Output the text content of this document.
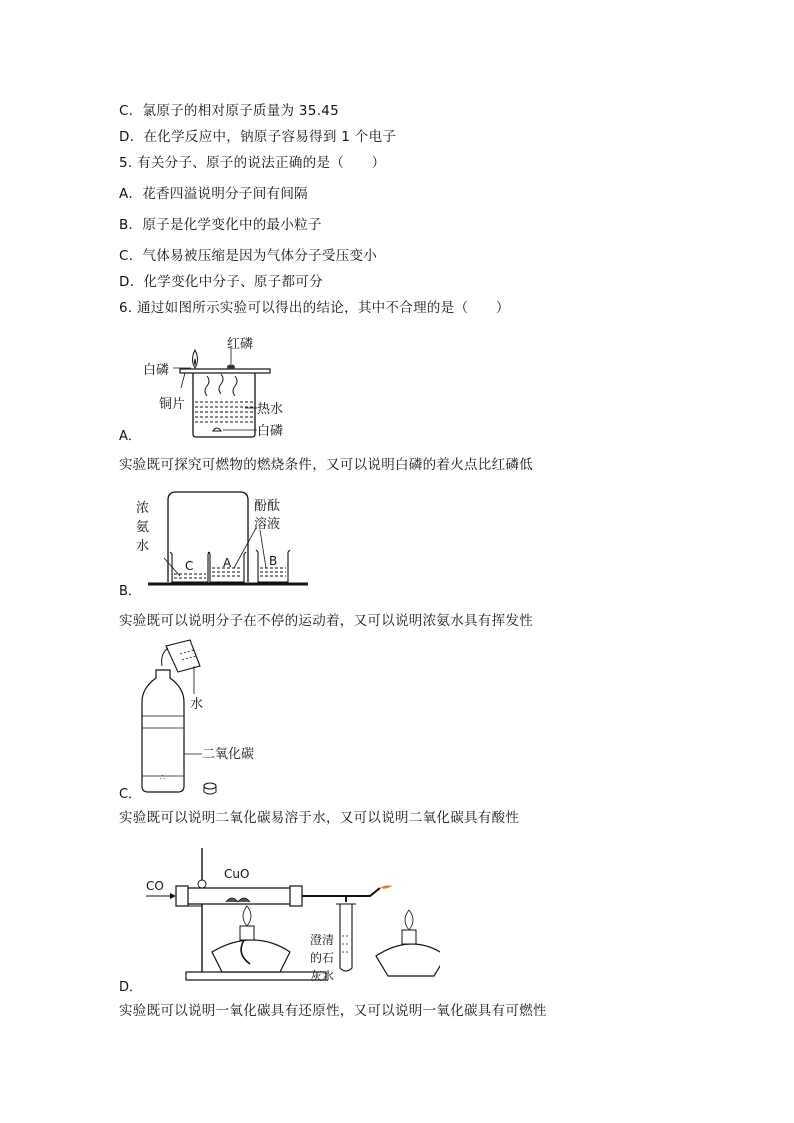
C．氯原子的相对原子质量为 35.45
D．在化学反应中，钠原子容易得到 1 个电子
5. 有关分子、原子的说法正确的是（　　）
A．花香四溢说明分子间有间隔
B．原子是化学变化中的最小粒子
C．气体易被压缩是因为气体分子受压变小
D．化学变化中分子、原子都可分
6. 通过如图所示实验可以得出的结论，其中不合理的是（　　）
红磷
白磷
铜片	热水
白磷
A．
实验既可探究可燃物的燃烧条件，又可以说明白磷的着火点比红磷低
浓
氨
水
酚酞
溶液
C A	B
B．
实验既可以说明分子在不停的运动着，又可以说明浓氨水具有挥发性
∴
水
二氧化碳
C．
实验既可以说明二氧化碳易溶于水，又可以说明二氧化碳具有酸性
CO
CuO
澄清
的石
灰水
D．
实验既可以说明一氧化碳具有还原性，又可以说明一氧化碳具有可燃性
